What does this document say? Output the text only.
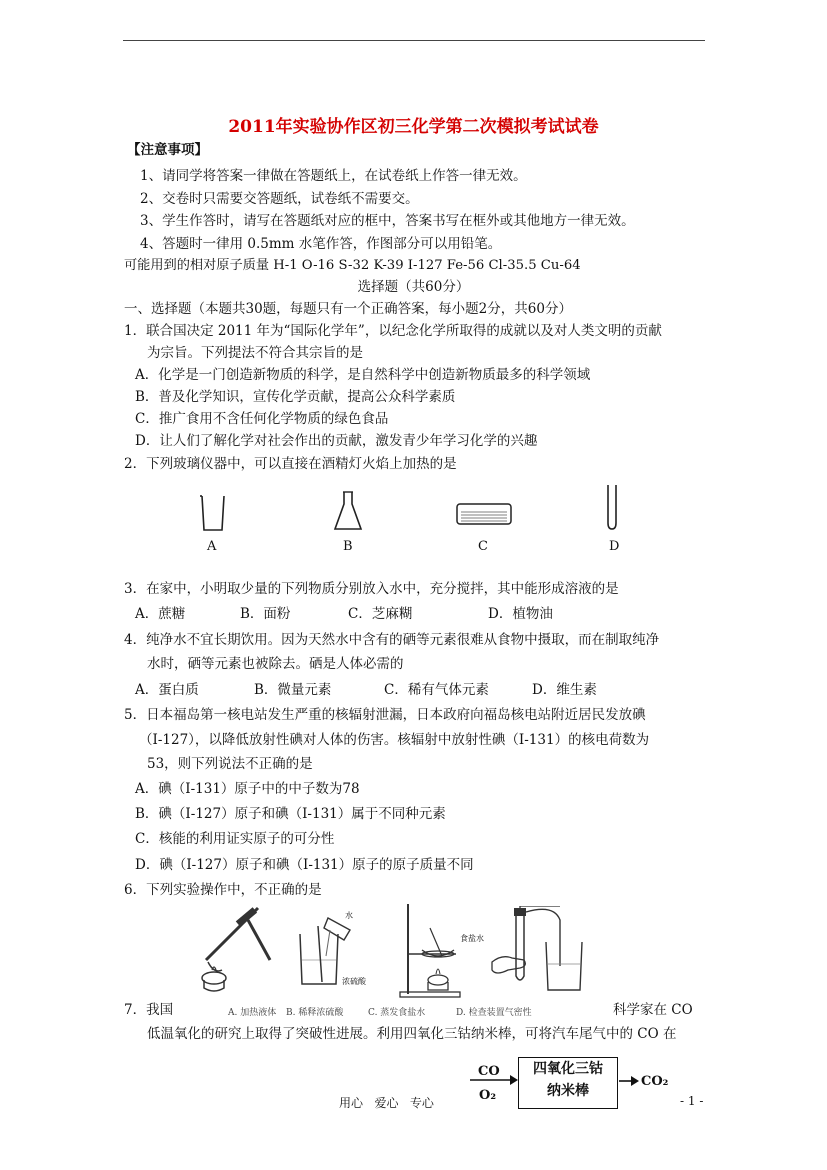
2011年实验协作区初三化学第二次模拟考试试卷
【注意事项】
1、请同学将答案一律做在答题纸上，在试卷纸上作答一律无效。
2、交卷时只需要交答题纸，试卷纸不需要交。
3、学生作答时，请写在答题纸对应的框中，答案书写在框外或其他地方一律无效。
4、答题时一律用 0.5mm 水笔作答，作图部分可以用铅笔。
可能用到的相对原子质量 H-1 O-16 S-32 K-39 I-127 Fe-56 Cl-35.5 Cu-64
选择题（共60分）
一、选择题（本题共30题，每题只有一个正确答案，每小题2分，共60分）
1．联合国决定 2011 年为“国际化学年”，以纪念化学所取得的成就以及对人类文明的贡献
为宗旨。下列提法不符合其宗旨的是
A．化学是一门创造新物质的科学，是自然科学中创造新物质最多的科学领域
B．普及化学知识，宣传化学贡献，提高公众科学素质
C．推广食用不含任何化学物质的绿色食品
D．让人们了解化学对社会作出的贡献，激发青少年学习化学的兴趣
2．下列玻璃仪器中，可以直接在酒精灯火焰上加热的是
A	B	C	D
3．在家中，小明取少量的下列物质分别放入水中，充分搅拌，其中能形成溶液的是
A．蔗糖	B．面粉	C．芝麻糊	D．植物油
4．纯净水不宜长期饮用。因为天然水中含有的硒等元素很难从食物中摄取，而在制取纯净
水时，硒等元素也被除去。硒是人体必需的
A．蛋白质	B．微量元素	C．稀有气体元素	D．维生素
5．日本福岛第一核电站发生严重的核辐射泄漏，日本政府向福岛核电站附近居民发放碘
（I-127），以降低放射性碘对人体的伤害。核辐射中放射性碘（I-131）的核电荷数为
53，则下列说法不正确的是
A．碘（I-131）原子中的中子数为78
B．碘（I-127）原子和碘（I-131）属于不同种元素
C．核能的利用证实原子的可分性
D．碘（I-127）原子和碘（I-131）原子的原子质量不同
6．下列实验操作中，不正确的是
水
浓硫酸
食盐水
A. 加热液体 B. 稀释浓硫酸	C. 蒸发食盐水	D. 检查装置气密性
7．我国	科学家在 CO
低温氧化的研究上取得了突破性进展。利用四氧化三钴纳米棒，可将汽车尾气中的 CO 在
CO
O₂
四氧化三钴
纳米棒
CO₂
用心   爱心   专心	- 1 -
